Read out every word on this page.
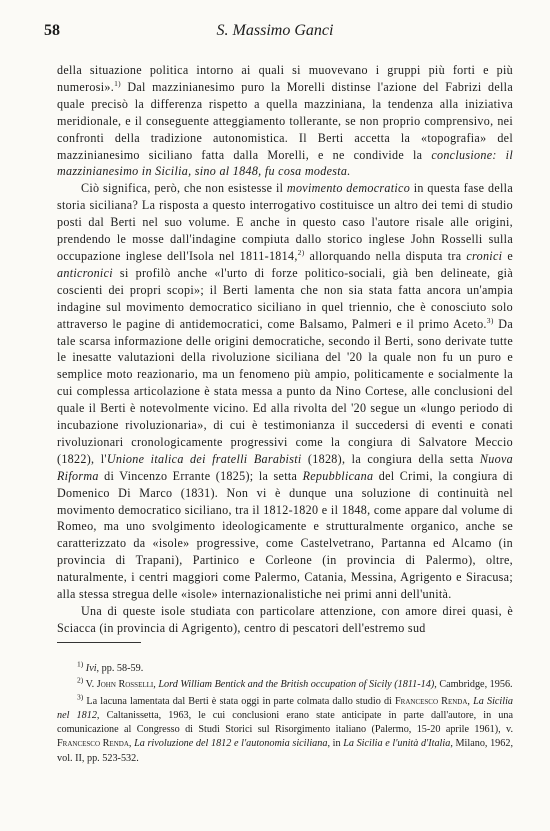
58	S. Massimo Ganci

della situazione politica intorno ai quali si muovevano i gruppi più forti e più numerosi».$^{1)}$ Dal mazzinianesimo puro la Morelli distinse l'azione del Fabrizi della quale precisò la differenza rispetto a quella mazziniana, la tendenza alla iniziativa meridionale, e il conseguente atteggiamento tollerante, se non proprio comprensivo, nei confronti della tradizione autonomistica. Il Berti accetta la «topografia» del mazzinianesimo siciliano fatta dalla Morelli, e ne condivide la conclusione: il mazzinianesimo in Sicilia, sino al 1848, fu cosa modesta.

Ciò significa, però, che non esistesse il movimento democratico in questa fase della storia siciliana? La risposta a questo interrogativo costituisce un altro dei temi di studio posti dal Berti nel suo volume. E anche in questo caso l'autore risale alle origini, prendendo le mosse dall'indagine compiuta dallo storico inglese John Rosselli sulla occupazione inglese dell'Isola nel 1811-1814,$^{2)}$ allorquando nella disputa tra cronici e anticronici si profilò anche «l'urto di forze politico-sociali, già ben delineate, già coscienti dei propri scopi»; il Berti lamenta che non sia stata fatta ancora un'ampia indagine sul movimento democratico siciliano in quel triennio, che è conosciuto solo attraverso le pagine di antidemocratici, come Balsamo, Palmeri e il primo Aceto.$^{3)}$ Da tale scarsa informazione delle origini democratiche, secondo il Berti, sono derivate tutte le inesatte valutazioni della rivoluzione siciliana del '20 la quale non fu un puro e semplice moto reazionario, ma un fenomeno più ampio, politicamente e socialmente la cui complessa articolazione è stata messa a punto da Nino Cortese, alle conclusioni del quale il Berti è notevolmente vicino. Ed alla rivolta del '20 segue un «lungo periodo di incubazione rivoluzionaria», di cui è testimonianza il succedersi di eventi e conati rivoluzionari cronologicamente progressivi come la congiura di Salvatore Meccio (1822), l'Unione italica dei fratelli Barabisti (1828), la congiura della setta Nuova Riforma di Vincenzo Errante (1825); la setta Repubblicana del Crimi, la congiura di Domenico Di Marco (1831). Non vi è dunque una soluzione di continuità nel movimento democratico siciliano, tra il 1812-1820 e il 1848, come appare dal volume di Romeo, ma uno svolgimento ideologicamente e strutturalmente organico, anche se caratterizzato da «isole» progressive, come Castelvetrano, Partanna ed Alcamo (in provincia di Trapani), Partinico e Corleone (in provincia di Palermo), oltre, naturalmente, i centri maggiori come Palermo, Catania, Messina, Agrigento e Siracusa; alla stessa stregua delle «isole» internazionalistiche nei primi anni dell'unità.

Una di queste isole studiata con particolare attenzione, con amore direi quasi, è Sciacca (in provincia di Agrigento), centro di pescatori dell'estremo sud

$^{1)}$ Ivi, pp. 58-59.

$^{2)}$ V. John Rosselli, Lord William Bentick and the British occupation of Sicily (1811-14), Cambridge, 1956.

$^{3)}$ La lacuna lamentata dal Berti è stata oggi in parte colmata dallo studio di Francesco Renda, La Sicilia nel 1812, Caltanissetta, 1963, le cui conclusioni erano state anticipate in parte dall'autore, in una comunicazione al Congresso di Studi Storici sul Risorgimento italiano (Palermo, 15-20 aprile 1961), v. Francesco Renda, La rivoluzione del 1812 e l'autonomia siciliana, in La Sicilia e l'unità d'Italia, Milano, 1962, vol. II, pp. 523-532.
